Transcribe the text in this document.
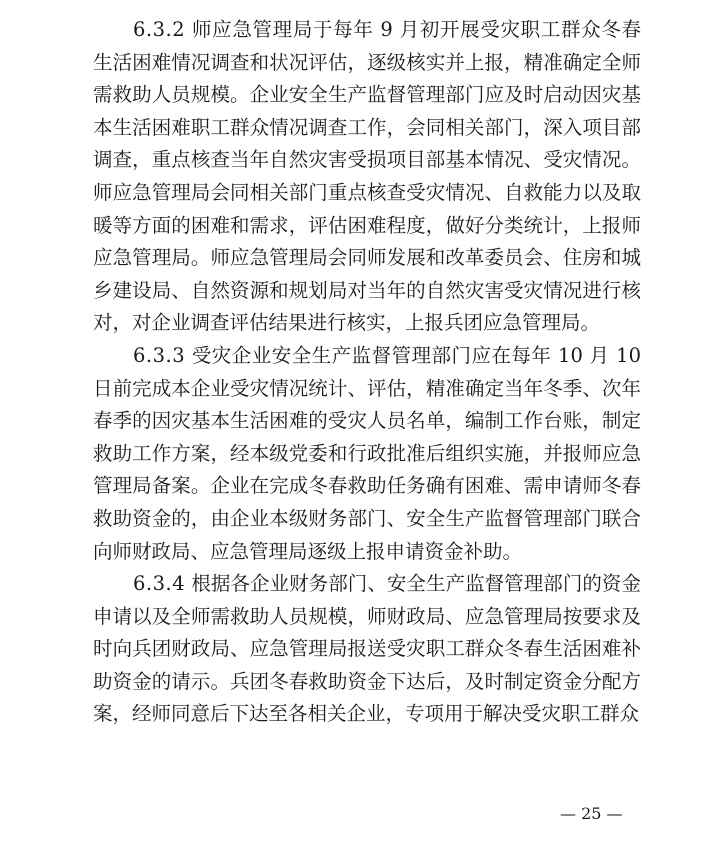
6.3.2 师应急管理局于每年 9 月初开展受灾职工群众冬春生活困难情况调查和状况评估，逐级核实并上报，精准确定全师需救助人员规模。企业安全生产监督管理部门应及时启动因灾基本生活困难职工群众情况调查工作，会同相关部门，深入项目部调查，重点核查当年自然灾害受损项目部基本情况、受灾情况。师应急管理局会同相关部门重点核查受灾情况、自救能力以及取暖等方面的困难和需求，评估困难程度，做好分类统计，上报师应急管理局。师应急管理局会同师发展和改革委员会、住房和城乡建设局、自然资源和规划局对当年的自然灾害受灾情况进行核对，对企业调查评估结果进行核实，上报兵团应急管理局。

6.3.3 受灾企业安全生产监督管理部门应在每年 10 月 10 日前完成本企业受灾情况统计、评估，精准确定当年冬季、次年春季的因灾基本生活困难的受灾人员名单，编制工作台账，制定救助工作方案，经本级党委和行政批准后组织实施，并报师应急管理局备案。企业在完成冬春救助任务确有困难、需申请师冬春救助资金的，由企业本级财务部门、安全生产监督管理部门联合向师财政局、应急管理局逐级上报申请资金补助。

6.3.4 根据各企业财务部门、安全生产监督管理部门的资金申请以及全师需救助人员规模，师财政局、应急管理局按要求及时向兵团财政局、应急管理局报送受灾职工群众冬春生活困难补助资金的请示。兵团冬春救助资金下达后，及时制定资金分配方案，经师同意后下达至各相关企业，专项用于解决受灾职工群众

— 25 —
